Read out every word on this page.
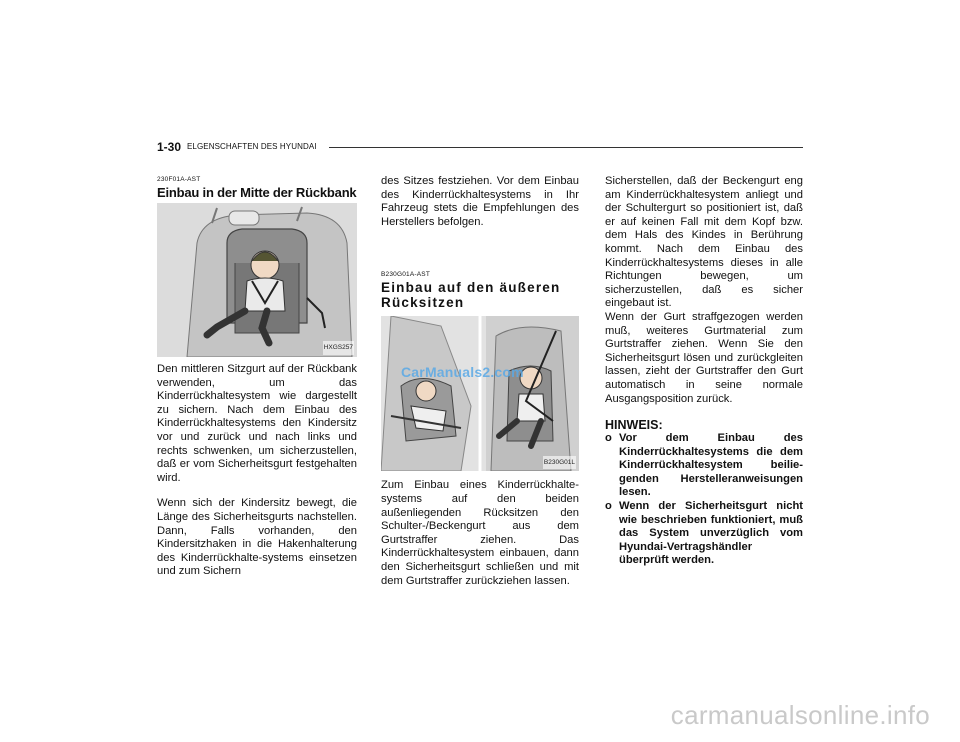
1-30 ELGENSCHAFTEN DES HYUNDAI
230F01A-AST
Einbau in der Mitte der Rückbank
HXGS257

Den mittleren Sitzgurt auf der Rückbank verwenden, um das Kinderrückhaltesystem wie dargestellt zu sichern. Nach dem Einbau des Kinderrückhaltesystems den Kindersitz vor und zurück und nach links und rechts schwenken, um sicherzustellen, daß er vom Sicherheitsgurt festgehalten wird.

Wenn sich der Kindersitz bewegt, die Länge des Sicherheitsgurts nachstellen. Dann, Falls vorhanden, den Kindersitzhaken in die Hakenhalterung des Kinderrückhalte-systems einsetzen und zum Sichern

des Sitzes festziehen. Vor dem Einbau des Kinderrückhaltesystems in Ihr Fahrzeug stets die Empfehlungen des Herstellers befolgen.

B230G01A-AST
Einbau auf den äußeren Rücksitzen
CarManuals2.com
B230G01L

Zum Einbau eines Kinderrückhalte-systems auf den beiden außenliegenden Rücksitzen den Schulter-/Beckengurt aus dem Gurtstraffer ziehen. Das Kinderrückhaltesystem einbauen, dann den Sicherheitsgurt schließen und mit dem Gurtstraffer zurückziehen lassen.

Sicherstellen, daß der Beckengurt eng am Kinderrückhaltesystem anliegt und der Schultergurt so positioniert ist, daß er auf keinen Fall mit dem Kopf bzw. dem Hals des Kindes in Berührung kommt. Nach dem Einbau des Kinderrückhaltesystems dieses in alle Richtungen bewegen, um sicherzustellen, daß es sicher eingebaut ist.

Wenn der Gurt straffgezogen werden muß, weiteres Gurtmaterial zum Gurtstraffer ziehen. Wenn Sie den Sicherheitsgurt lösen und zurückgleiten lassen, zieht der Gurtstraffer den Gurt automatisch in seine normale Ausgangsposition zurück.

HINWEIS:
o Vor dem Einbau des Kinderrückhaltesystems die dem Kinderrückhaltesystem beilie-genden Herstelleranweisungen lesen.
o Wenn der Sicherheitsgurt nicht wie beschrieben funktioniert, muß das System unverzüglich vom Hyundai-Vertragshändler überprüft werden.
carmanualsonline.info
